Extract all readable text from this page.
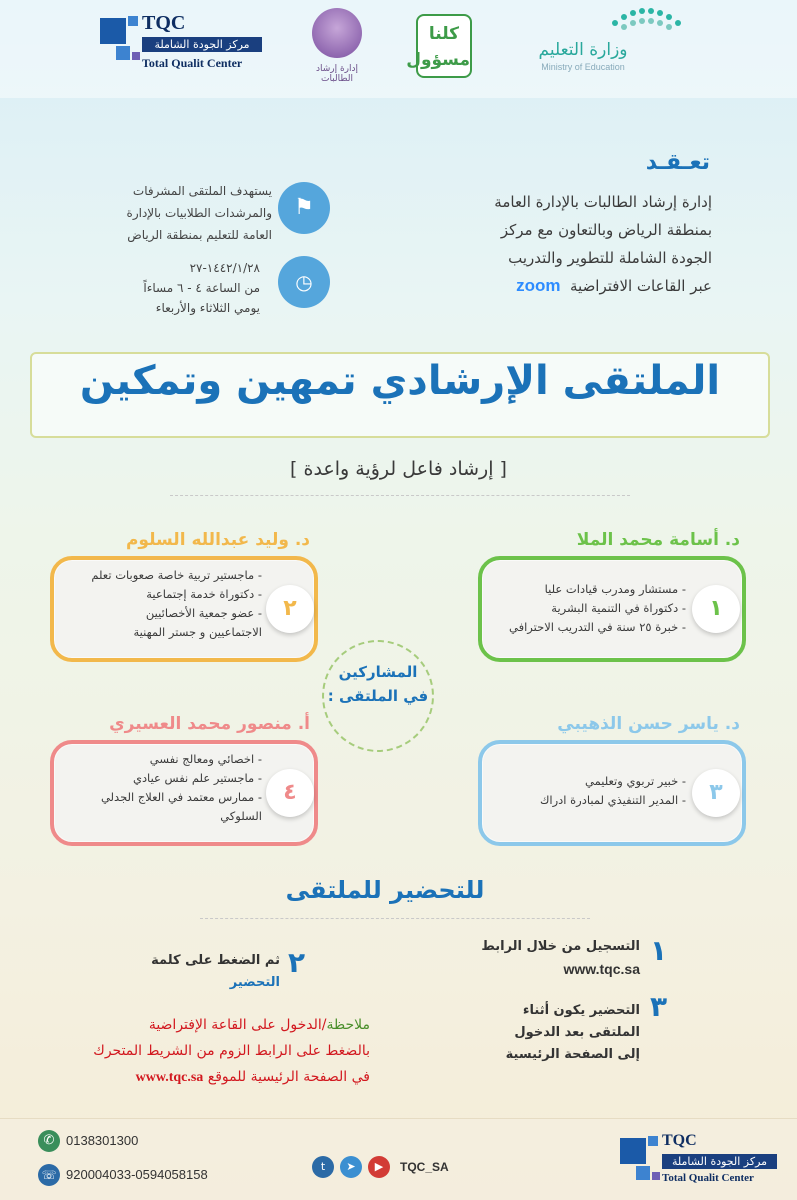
وزارة التعليم
Ministry of Education
كلنا
مسؤول
إدارة إرشاد الطالبات
TQC
مركز الجودة الشاملة
Total Qualit Center
تعـقـد
إدارة إرشاد الطالبات بالإدارة العامة
بمنطقة الرياض وبالتعاون مع مركز
الجودة الشاملة للتطوير والتدريب
عبر القاعات الافتراضية  zoom
⚑
يستهدف الملتقى المشرفات
والمرشدات الطلابيات بالإدارة
العامة للتعليم بمنطقة الرياض
◷
١٤٤٢/١/٢٨-٢٧
من الساعة ٤ - ٦ مساءاً
يومي الثلاثاء والأربعاء
الملتقى الإرشادي تمهين وتمكين
[ إرشاد فاعل لرؤية واعدة ]
د. أسامة محمد الملا
١
- مستشار ومدرب قيادات عليا
- دكتوراة في التنمية البشرية
- خبرة ٢٥ سنة في التدريب الاحترافي
د. وليد عبدالله السلوم
٢
- ماجستير تربية خاصة صعوبات تعلم
- دكتوراة خدمة إجتماعية
- عضو جمعية الأخصائيين
الاجتماعيين و جستر المهنية
المشاركين
في الملتقى :
د. ياسر حسن الذهيبي
٣
- خبير تربوي وتعليمي
- المدير التنفيذي لمبادرة ادراك
أ. منصور محمد العسيري
٤
- اخصائي ومعالج نفسي
- ماجستير علم نفس عيادي
- ممارس معتمد في العلاج الجدلي
السلوكي
للتحضير للملتقى
١
التسجيل من خلال الرابط
www.tqc.sa
٢
ثم الضغط على كلمة
التحضير
٣
التحضير يكون أثناء
الملتقى بعد الدخول
إلى الصفحة الرئيسية
ملاحظة/الدخول على القاعة الإفتراضية
بالضغط على الرابط الزوم من الشريط المتحرك
في الصفحة الرئيسية للموقع www.tqc.sa
✆ 0138301300
☏ 920004033-0594058158
t	➤	▶	TQC_SA
TQC
مركز الجودة الشاملة
Total Qualit Center
